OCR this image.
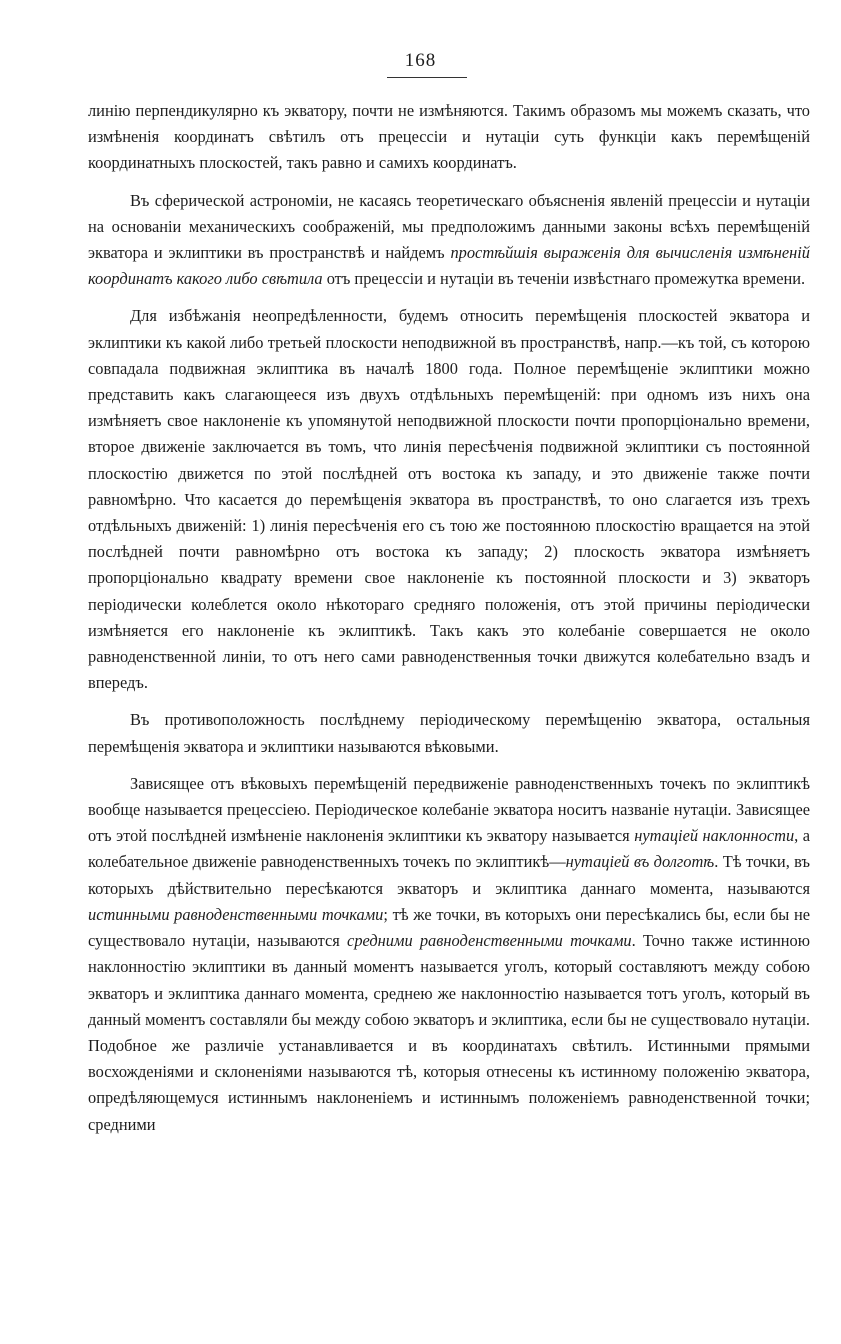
168

линію перпендикулярно къ экватору, почти не измѣняются. Такимъ образомъ мы можемъ сказать, что измѣненія координатъ свѣтилъ отъ прецессіи и нутаціи суть функціи какъ перемѣщеній координатныхъ плоскостей, такъ равно и самихъ координатъ.

Въ сферической астрономіи, не касаясь теоретическаго объясненія явленій прецессіи и нутаціи на основаніи механическихъ соображеній, мы предположимъ данными законы всѣхъ перемѣщеній экватора и эклиптики въ пространствѣ и найдемъ простѣйшія выраженія для вычисленія измѣненій координатъ какого либо свѣтила отъ прецессіи и нутаціи въ теченіи извѣстнаго промежутка времени.

Для избѣжанія неопредѣленности, будемъ относить перемѣщенія плоскостей экватора и эклиптики къ какой либо третьей плоскости неподвижной въ пространствѣ, напр.—къ той, съ которою совпадала подвижная эклиптика въ началѣ 1800 года. Полное перемѣщеніе эклиптики можно представить какъ слагающееся изъ двухъ отдѣльныхъ перемѣщеній: при одномъ изъ нихъ она измѣняетъ свое наклоненіе къ упомянутой неподвижной плоскости почти пропорціонально времени, второе движеніе заключается въ томъ, что линія пересѣченія подвижной эклиптики съ постоянной плоскостію движется по этой послѣдней отъ востока къ западу, и это движеніе также почти равномѣрно. Что касается до перемѣщенія экватора въ пространствѣ, то оно слагается изъ трехъ отдѣльныхъ движеній: 1) линія пересѣченія его съ тою же постоянною плоскостію вращается на этой послѣдней почти равномѣрно отъ востока къ западу; 2) плоскость экватора измѣняетъ пропорціонально квадрату времени свое наклоненіе къ постоянной плоскости и 3) экваторъ періодически колеблется около нѣкотораго средняго положенія, отъ этой причины періодически измѣняется его наклоненіе къ эклиптикѣ. Такъ какъ это колебаніе совершается не около равноденственной линіи, то отъ него сами равноденственныя точки движутся колебательно взадъ и впередъ.

Въ противоположность послѣднему періодическому перемѣщенію экватора, остальныя перемѣщенія экватора и эклиптики называются вѣковыми.

Зависящее отъ вѣковыхъ перемѣщеній передвиженіе равноденственныхъ точекъ по эклиптикѣ вообще называется прецессіею. Періодическое колебаніе экватора носитъ названіе нутаціи. Зависящее отъ этой послѣдней измѣненіе наклоненія эклиптики къ экватору называется нутаціей наклонности, а колебательное движеніе равноденственныхъ точекъ по эклиптикѣ—нутаціей въ долготѣ. Тѣ точки, въ которыхъ дѣйствительно пересѣкаются экваторъ и эклиптика даннаго момента, называются истинными равноденственными точками; тѣ же точки, въ которыхъ они пересѣкались бы, если бы не существовало нутаціи, называются средними равноденственными точками. Точно также истинною наклонностію эклиптики въ данный моментъ называется уголъ, который составляютъ между собою экваторъ и эклиптика даннаго момента, среднею же наклонностію называется тотъ уголъ, который въ данный моментъ составляли бы между собою экваторъ и эклиптика, если бы не существовало нутаціи. Подобное же различіе устанавливается и въ координатахъ свѣтилъ. Истинными прямыми восхожденіями и склоненіями называются тѣ, которыя отнесены къ истинному положенію экватора, опредѣляющемуся истиннымъ наклоненіемъ и истиннымъ положеніемъ равноденственной точки; средними
